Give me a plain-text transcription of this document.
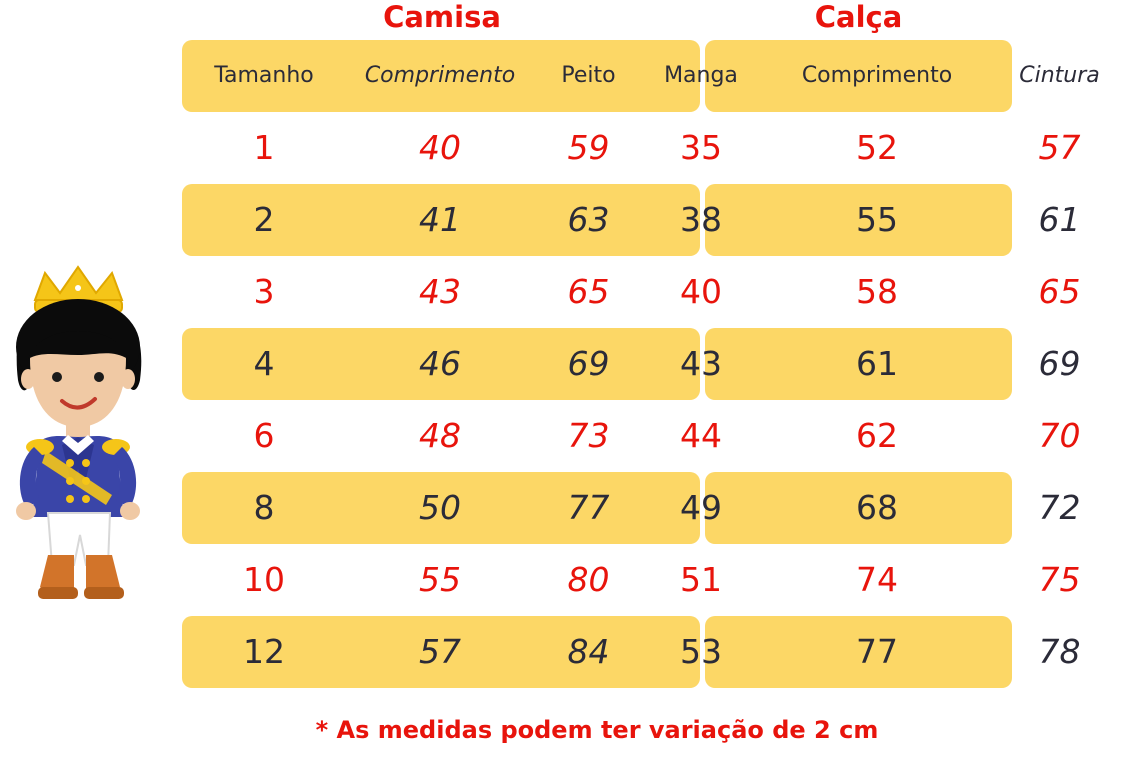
Camisa	Calça
Tamanho	Comprimento	Peito	Manga	Comprimento	Cintura
1	40	59	35	52	57
2	41	63	38	55	61
3	43	65	40	58	65
4	46	69	43	61	69
6	48	73	44	62	70
8	50	77	49	68	72
10	55	80	51	74	75
12	57	84	53	77	78
* As medidas podem ter variação de 2 cm
